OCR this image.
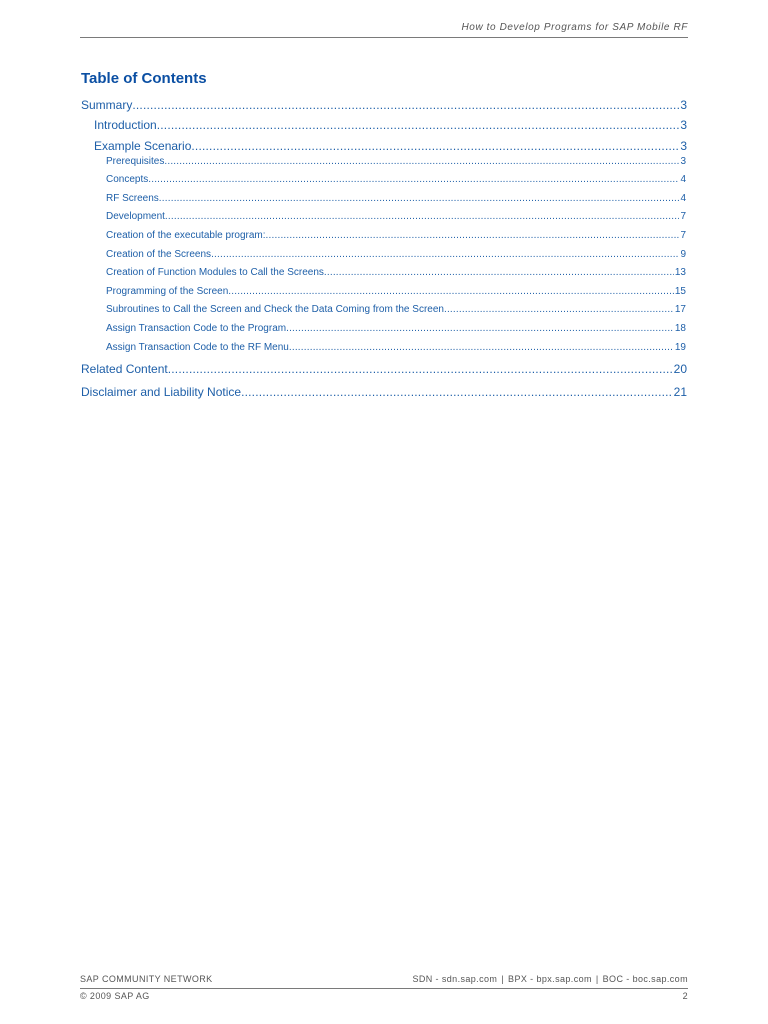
How to Develop Programs for SAP Mobile RF
Table of Contents
Summary .....	3
Introduction .....	3
Example Scenario .....	3
Prerequisites .....	3
Concepts .....	4
RF Screens .....	4
Development .....	7
Creation of the executable program: .....	7
Creation of the Screens .....	9
Creation of Function Modules to Call the Screens .....	13
Programming of the Screen .....	15
Subroutines to Call the Screen and Check the Data Coming from the Screen .....	17
Assign Transaction Code to the Program .....	18
Assign Transaction Code to the RF Menu .....	19
Related Content .....	20
Disclaimer and Liability Notice .....	21
SAP COMMUNITY NETWORK	SDN - sdn.sap.com | BPX - bpx.sap.com | BOC - boc.sap.com
© 2009 SAP AG	2
